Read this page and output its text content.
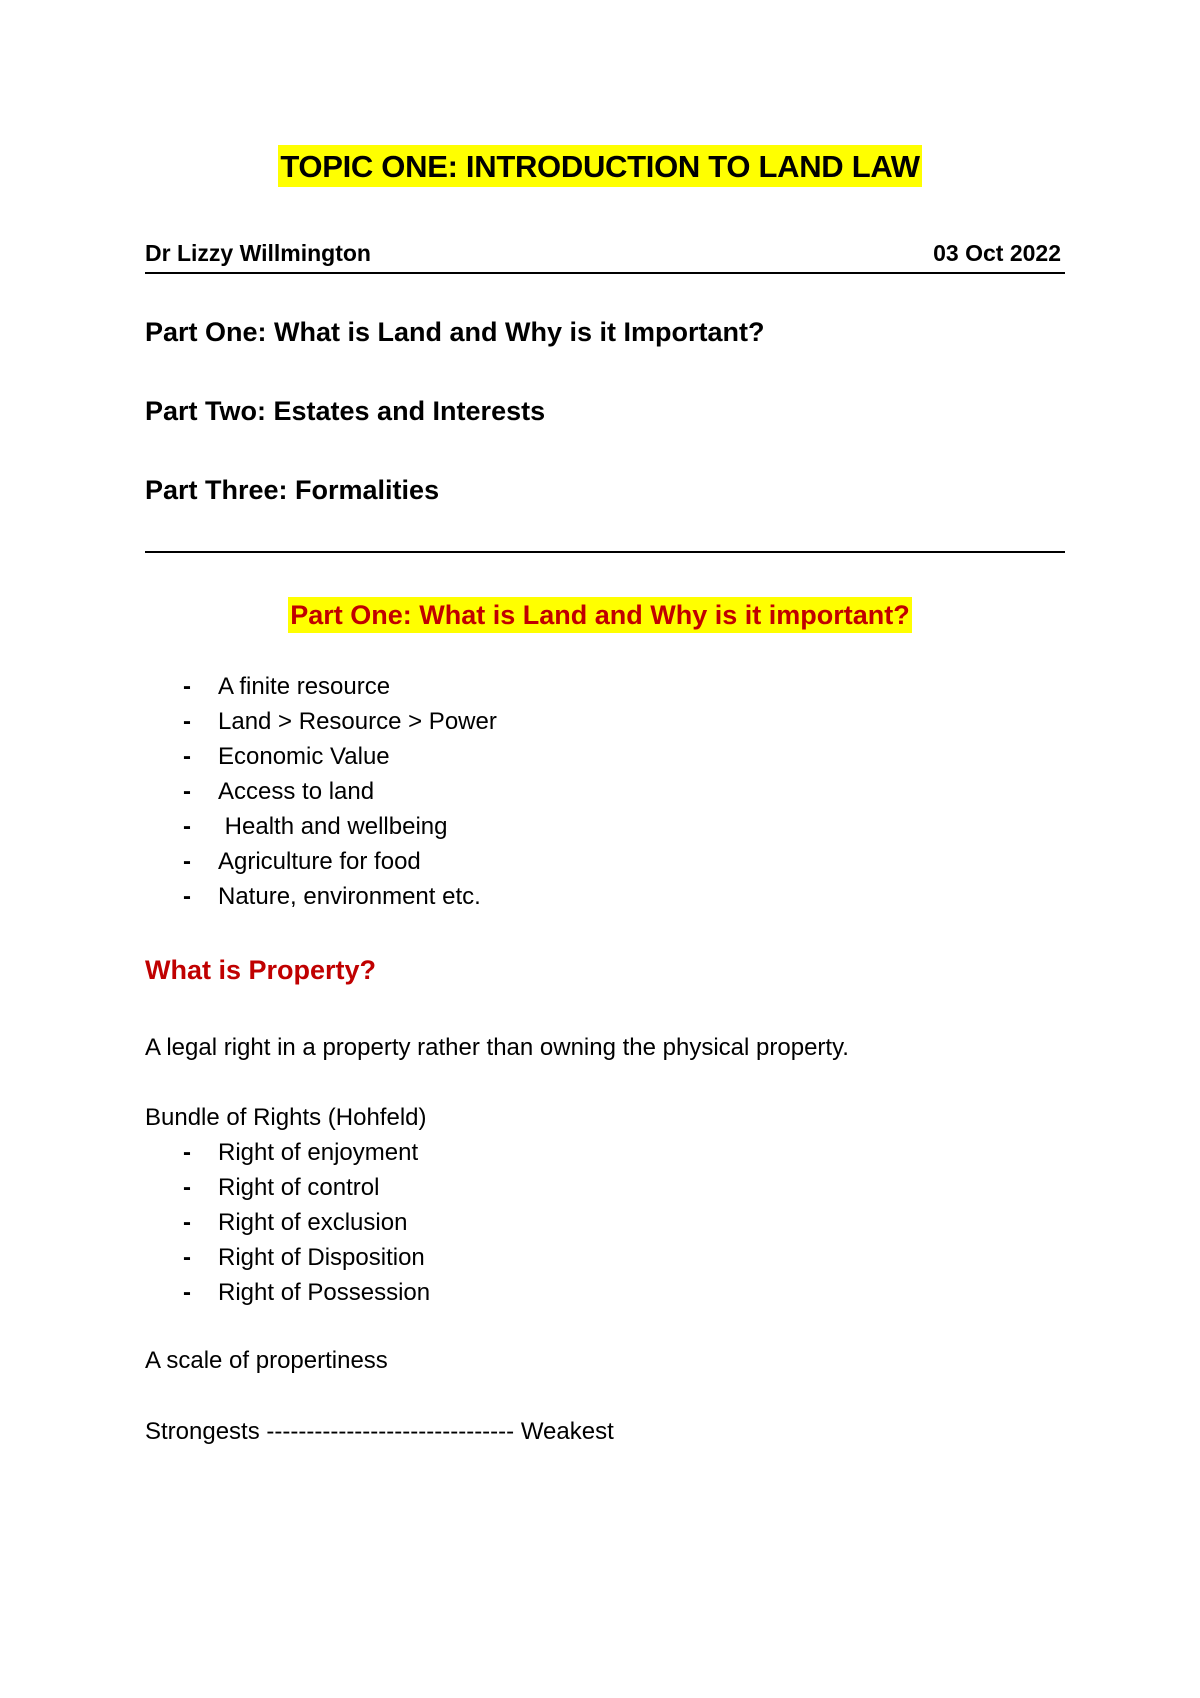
TOPIC ONE: INTRODUCTION TO LAND LAW
Dr Lizzy Willmington	03 Oct 2022
Part One: What is Land and Why is it Important?
Part Two: Estates and Interests
Part Three: Formalities
Part One: What is Land and Why is it important?
- A finite resource
- Land > Resource > Power
- Economic Value
- Access to land
- Health and wellbeing
- Agriculture for food
- Nature, environment etc.
What is Property?
A legal right in a property rather than owning the physical property.
Bundle of Rights (Hohfeld)
- Right of enjoyment
- Right of control
- Right of exclusion
- Right of Disposition
- Right of Possession
A scale of propertiness
Strongests ------------------------------- Weakest
